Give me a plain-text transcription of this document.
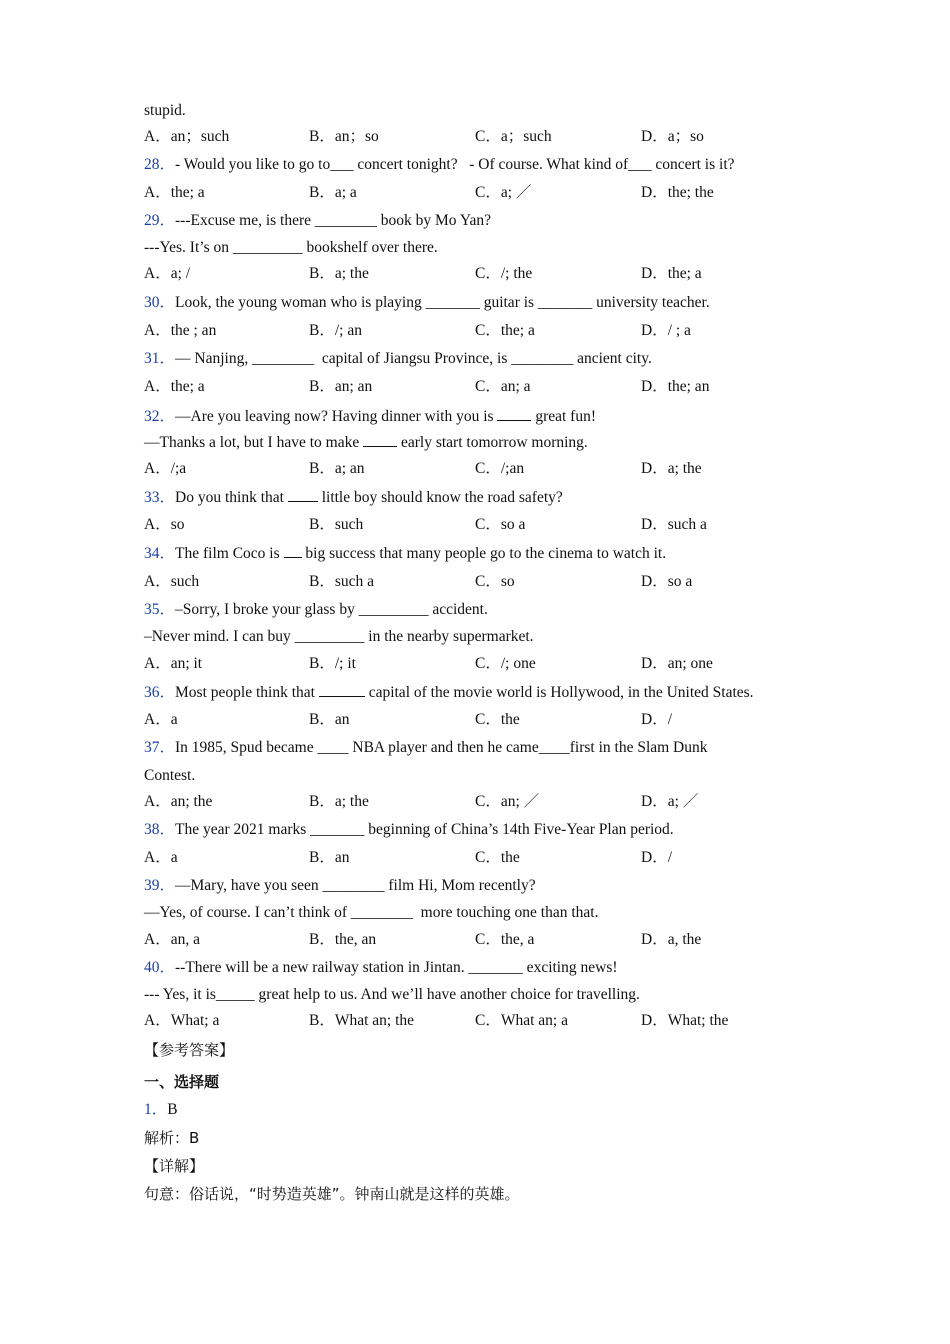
stupid.
A．an；such	B．an；so	C．a；such	D．a；so
28．- Would you like to go to___ concert tonight?   - Of course. What kind of___ concert is it?
A．the; a	B．a; a	C．a; ／	D．the; the
29．---Excuse me, is there ________ book by Mo Yan?
---Yes. It’s on _________ bookshelf over there.
A．a; /	B．a; the	C．/; the	D．the; a
30．Look, the young woman who is playing _______ guitar is _______ university teacher.
A．the ; an	B．/; an	C．the; a	D．/ ; a
31．— Nanjing, ________  capital of Jiangsu Province, is ________ ancient city.
A．the; a	B．an; an	C．an; a	D．the; an
32．—Are you leaving now? Having dinner with you is  great fun!
—Thanks a lot, but I have to make  early start tomorrow morning.
A．/;a	B．a; an	C．/;an	D．a; the
33．Do you think that  little boy should know the road safety?
A．so	B．such	C．so a	D．such a
34．The film Coco is  big success that many people go to the cinema to watch it.
A．such	B．such a	C．so	D．so a
35．–Sorry, I broke your glass by _________ accident.
–Never mind. I can buy _________ in the nearby supermarket.
A．an; it	B．/; it	C．/; one	D．an; one
36．Most people think that	capital of the movie world is Hollywood, in the United States.
A．a	B．an	C．the	D．/
37．In 1985, Spud became ____ NBA player and then he came____first in the Slam Dunk
Contest.
A．an; the	B．a; the	C．an; ／	D．a; ／
38．The year 2021 marks _______ beginning of China’s 14th Five-Year Plan period.
A．a	B．an	C．the	D．/
39．—Mary, have you seen ________ film Hi, Mom recently?
—Yes, of course. I can’t think of ________  more touching one than that.
A．an, a	B．the, an	C．the, a	D．a, the
40．--There will be a new railway station in Jintan. _______ exciting news!
--- Yes, it is_____ great help to us. And we’ll have another choice for travelling.
A．What; a	B．What an; the	C．What an; a	D．What; the
【参考答案】
一、选择题
1．B
解析：B
【详解】
句意：俗话说，“时势造英雄”。钟南山就是这样的英雄。
